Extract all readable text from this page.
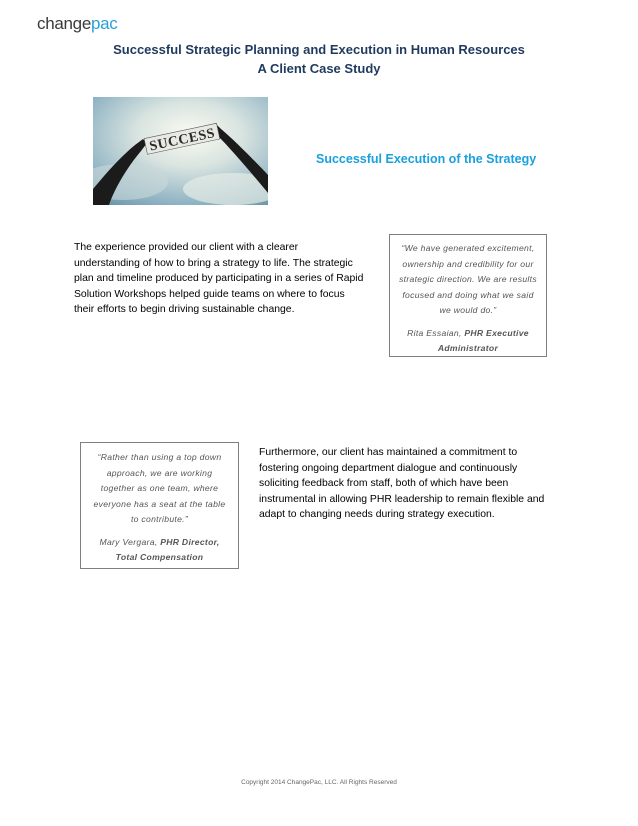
changepac
Successful Strategic Planning and Execution in Human Resources
A Client Case Study
SUCCESS
Successful Execution of the Strategy
The experience provided our client with a clearer understanding of how to bring a strategy to life. The strategic plan and timeline produced by participating in a series of Rapid Solution Workshops helped guide teams on where to focus their efforts to begin driving sustainable change.
“We have generated excitement, ownership and credibility for our strategic direction. We are results focused and doing what we said we would do.”
Rita Essaian, PHR Executive Administrator
“Rather than using a top down approach, we are working together as one team, where everyone has a seat at the table to contribute.”
Mary Vergara, PHR Director, Total Compensation
Furthermore, our client has maintained a commitment to fostering ongoing department dialogue and continuously soliciting feedback from staff, both of which have been instrumental in allowing PHR leadership to remain flexible and adapt to changing needs during strategy execution.
Copyright 2014 ChangePac, LLC. All Rights Reserved
